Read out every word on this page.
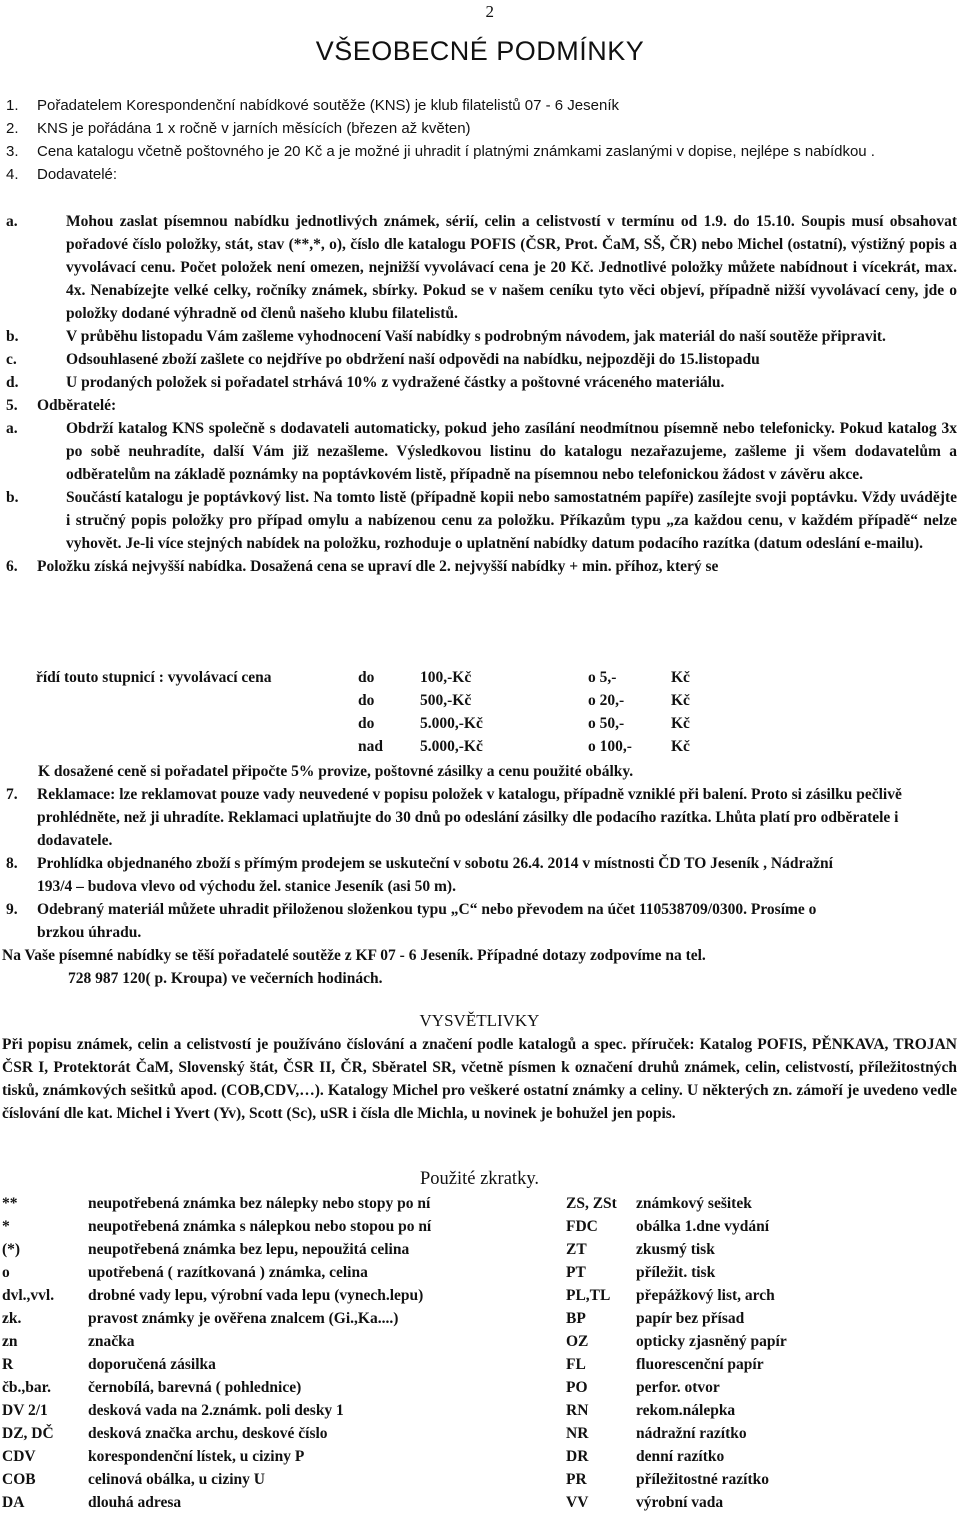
2
VŠEOBECNÉ PODMÍNKY
1. Pořadatelem Korespondenční nabídkové soutěže (KNS) je klub filatelistů 07 - 6 Jeseník
2. KNS je pořádána 1 x ročně v jarních měsících (březen až květen)
3. Cena katalogu včetně poštovného je 20 Kč a je možné ji uhradit í platnými známkami zaslanými v dopise, nejlépe s nabídkou .
4. Dodavatelé:
a.	Mohou zaslat písemnou nabídku jednotlivých známek, sérií, celin a celistvostí v termínu od 1.9. do 15.10. Soupis musí obsahovat pořadové číslo položky, stát, stav (**,*, o), číslo dle katalogu POFIS (ČSR, Prot. ČaM, SŠ, ČR) nebo Michel (ostatní), výstižný popis a vyvolávací cenu. Počet položek není omezen, nejnižší vyvolávací cena je 20 Kč. Jednotlivé položky můžete nabídnout i vícekrát, max. 4x. Nenabízejte velké celky, ročníky známek, sbírky. Pokud se v našem ceníku tyto věci objeví, případně nižší vyvolávací ceny, jde o položky dodané výhradně od členů našeho klubu filatelistů.
b.	V průběhu listopadu Vám zašleme vyhodnocení Vaší nabídky s podrobným návodem, jak materiál do naší soutěže připravit.
c.	Odsouhlasené zboží zašlete co nejdříve po obdržení naší odpovědi na nabídku, nejpozději do 15.listopadu
d.	U prodaných položek si pořadatel strhává 10% z vydražené částky a poštovné vráceného materiálu.
5. Odběratelé:
a.	Obdrží katalog KNS společně s dodavateli automaticky, pokud jeho zasílání neodmítnou písemně nebo telefonicky. Pokud katalog 3x po sobě neuhradíte, další Vám již nezašleme. Výsledkovou listinu do katalogu nezařazujeme, zašleme ji všem dodavatelům a odběratelům na základě poznámky na poptávkovém listě, případně na písemnou nebo telefonickou žádost v závěru akce.
b.	Součástí katalogu je poptávkový list. Na tomto listě (případně kopii nebo samostatném papíře) zasílejte svoji poptávku. Vždy uvádějte i stručný popis položky pro případ omylu a nabízenou cenu za položku. Příkazům typu „za každou cenu, v každém případě“ nelze vyhovět. Je-li více stejných nabídek na položku, rozhoduje o uplatnění nabídky datum podacího razítka (datum odeslání e-mailu).
6. Položku získá nejvyšší nabídka. Dosažená cena se upraví dle 2. nejvyšší nabídky + min. příhoz, který se
řídí touto stupnicí : vyvolávací cena	do	100,-Kč	o 5,-	Kč
	do	500,-Kč	o 20,-	Kč
	do	5.000,-Kč	o 50,-	Kč
	nad	5.000,-Kč	o 100,-	Kč
K dosažené ceně si pořadatel připočte 5% provize, poštovné zásilky a cenu použité obálky.
7. Reklamace: lze reklamovat pouze vady neuvedené v popisu položek v katalogu, případně vzniklé při balení. Proto si zásilku pečlivě prohlédněte, než ji uhradíte. Reklamaci uplatňujte do 30 dnů po odeslání zásilky dle podacího razítka. Lhůta platí pro odběratele i dodavatele.
8. Prohlídka objednaného zboží s přímým prodejem se uskuteční v sobotu 26.4. 2014 v místnosti ČD TO Jeseník , Nádražní 193/4 – budova vlevo od východu žel. stanice Jeseník (asi 50 m).
9. Odebraný materiál můžete uhradit přiloženou složenkou typu „C“ nebo převodem na účet 110538709/0300. Prosíme o brzkou úhradu.
Na Vaše písemné nabídky se těší pořadatelé soutěže z KF 07 - 6 Jeseník. Případné dotazy zodpovíme na tel.
728 987 120( p. Kroupa) ve večerních hodinách.
VYSVĚTLIVKY
Při popisu známek, celin a celistvostí je používáno číslování a značení podle katalogů a spec. příruček: Katalog POFIS, PĚNKAVA, TROJAN ČSR I, Protektorát ČaM, Slovenský štát, ČSR II, ČR, Sběratel SR, včetně písmen k označení druhů známek, celin, celistvostí, příležitostných tisků, známkových sešitků apod. (COB,CDV,…). Katalogy Michel pro veškeré ostatní známky a celiny. U některých zn. zámoří je uvedeno vedle číslování dle kat. Michel i Yvert (Yv), Scott (Sc), uSR i čísla dle Michla, u novinek je bohužel jen popis.
Použité zkratky.
**	neupotřebená známka bez nálepky nebo stopy po ní	ZS, ZSt	známkový sešitek
*	neupotřebená známka s nálepkou nebo stopou po ní	FDC	obálka 1.dne vydání
(*)	neupotřebená známka bez lepu, nepoužitá celina	ZT	zkusmý tisk
o	upotřebená ( razítkovaná ) známka, celina	PT	příležit. tisk
dvl.,vvl.	drobné vady lepu, výrobní vada lepu (vynech.lepu)	PL,TL	přepážkový list, arch
zk.	pravost známky je ověřena znalcem (Gi.,Ka....)	BP	papír bez přísad
zn	značka	OZ	opticky zjasněný papír
R	doporučená zásilka	FL	fluorescenční papír
čb.,bar.	černobílá, barevná ( pohlednice)	PO	perfor. otvor
DV 2/1	desková vada na 2.známk. poli desky 1	RN	rekom.nálepka
DZ, DČ	desková značka archu, deskové číslo	NR	nádražní razítko
CDV	korespondenční lístek, u ciziny P	DR	denní razítko
COB	celinová obálka, u ciziny U	PR	příležitostné razítko
DA	dlouhá adresa	VV	výrobní vada
